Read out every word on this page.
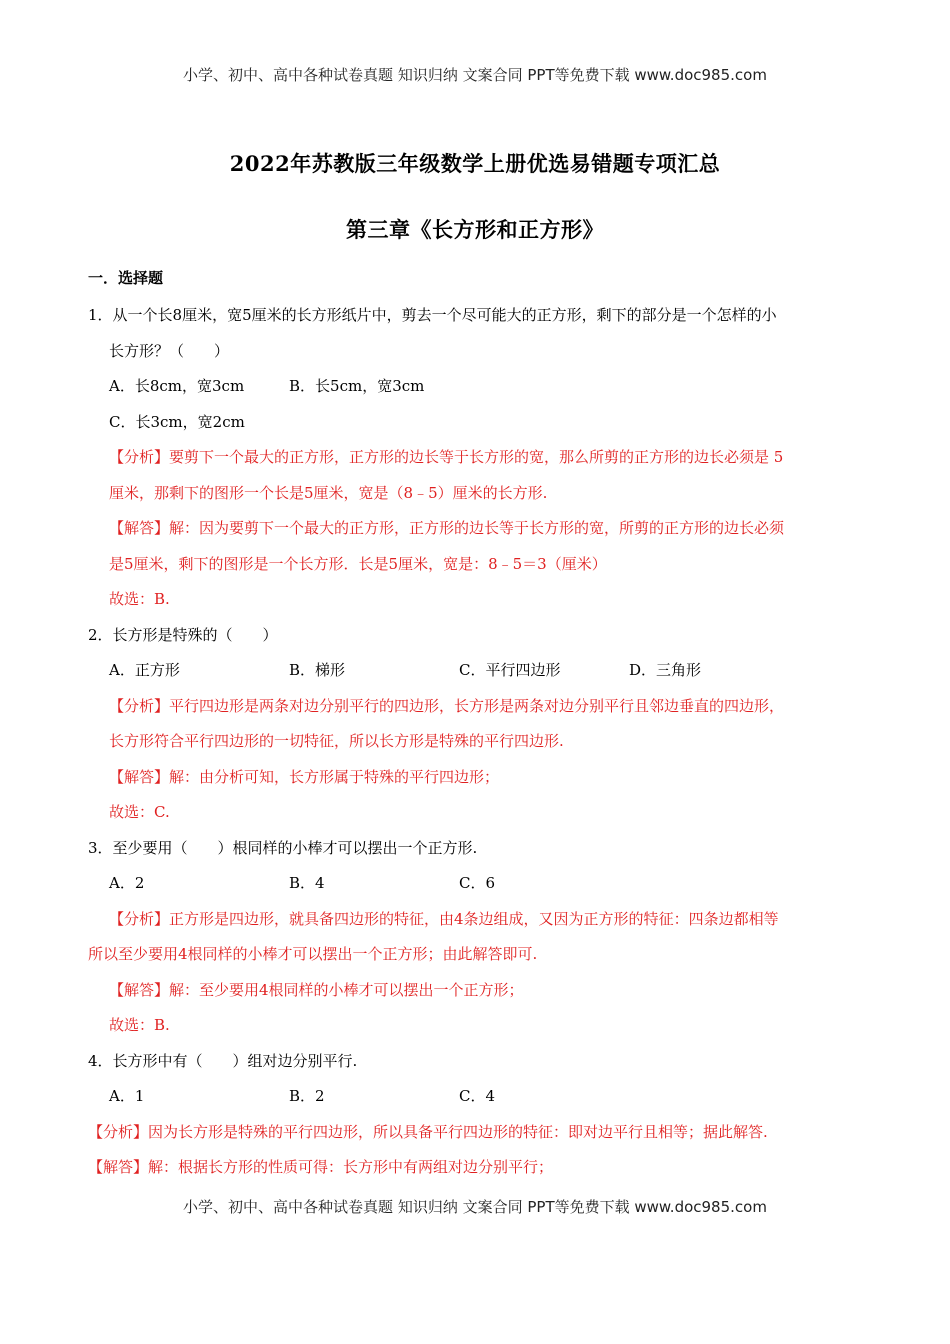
小学、初中、高中各种试卷真题 知识归纳 文案合同 PPT等免费下载 www.doc985.com
2022年苏教版三年级数学上册优选易错题专项汇总
第三章《长方形和正方形》
一．选择题
1．从一个长8厘米，宽5厘米的长方形纸片中，剪去一个尽可能大的正方形，剩下的部分是一个怎样的小
长方形？（　　）
A．长8cm，宽3cm	B．长5cm，宽3cm
C．长3cm，宽2cm
【分析】要剪下一个最大的正方形，正方形的边长等于长方形的宽，那么所剪的正方形的边长必须是 5
厘米，那剩下的图形一个长是5厘米，宽是（8﹣5）厘米的长方形.
【解答】解：因为要剪下一个最大的正方形，正方形的边长等于长方形的宽，所剪的正方形的边长必须
是5厘米，剩下的图形是一个长方形．长是5厘米，宽是：8﹣5＝3（厘米）
故选：B.
2．长方形是特殊的（　　）
A．正方形	B．梯形	C．平行四边形	D．三角形
【分析】平行四边形是两条对边分别平行的四边形，长方形是两条对边分别平行且邻边垂直的四边形，
长方形符合平行四边形的一切特征，所以长方形是特殊的平行四边形.
【解答】解：由分析可知，长方形属于特殊的平行四边形；
故选：C.
3．至少要用（　　）根同样的小棒才可以摆出一个正方形.
A．2	B．4	C．6
【分析】正方形是四边形，就具备四边形的特征，由4条边组成，又因为正方形的特征：四条边都相等
所以至少要用4根同样的小棒才可以摆出一个正方形；由此解答即可.
【解答】解：至少要用4根同样的小棒才可以摆出一个正方形；
故选：B.
4．长方形中有（　　）组对边分别平行.
A．1	B．2	C．4
【分析】因为长方形是特殊的平行四边形，所以具备平行四边形的特征：即对边平行且相等；据此解答.
【解答】解：根据长方形的性质可得：长方形中有两组对边分别平行；
小学、初中、高中各种试卷真题 知识归纳 文案合同 PPT等免费下载 www.doc985.com
